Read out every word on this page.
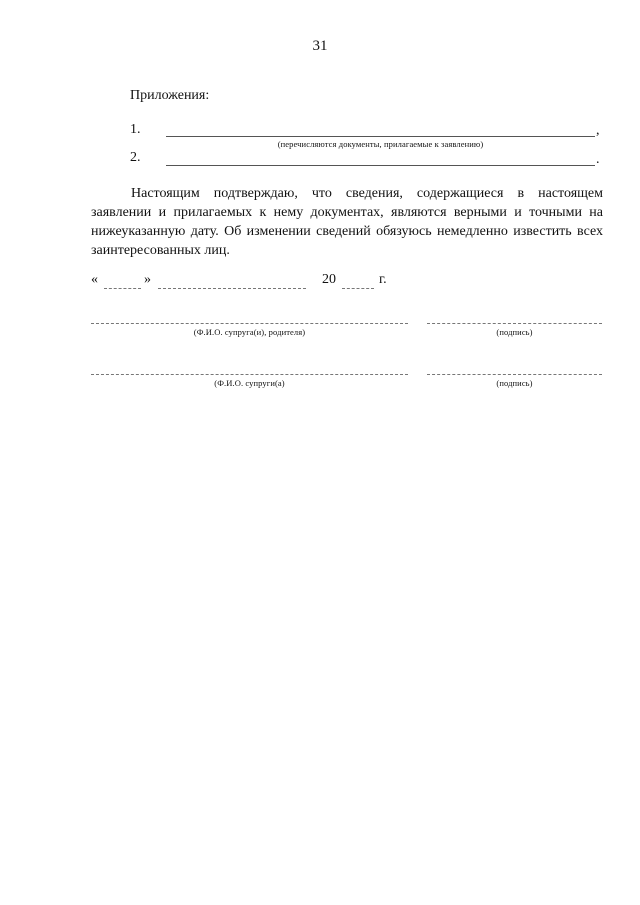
31
Приложения:
1.	,
(перечисляются документы, прилагаемые к заявлению)
2.	.
Настоящим подтверждаю, что сведения, содержащиеся в настоящем заявлении и прилагаемых к нему документах, являются верными и точными на нижеуказанную дату. Об изменении сведений обязуюсь немедленно известить всех заинтересованных лиц.
«	»	20	г.
(Ф.И.О. супруга(и), родителя)	(подпись)
(Ф.И.О. супруги(а)	(подпись)
